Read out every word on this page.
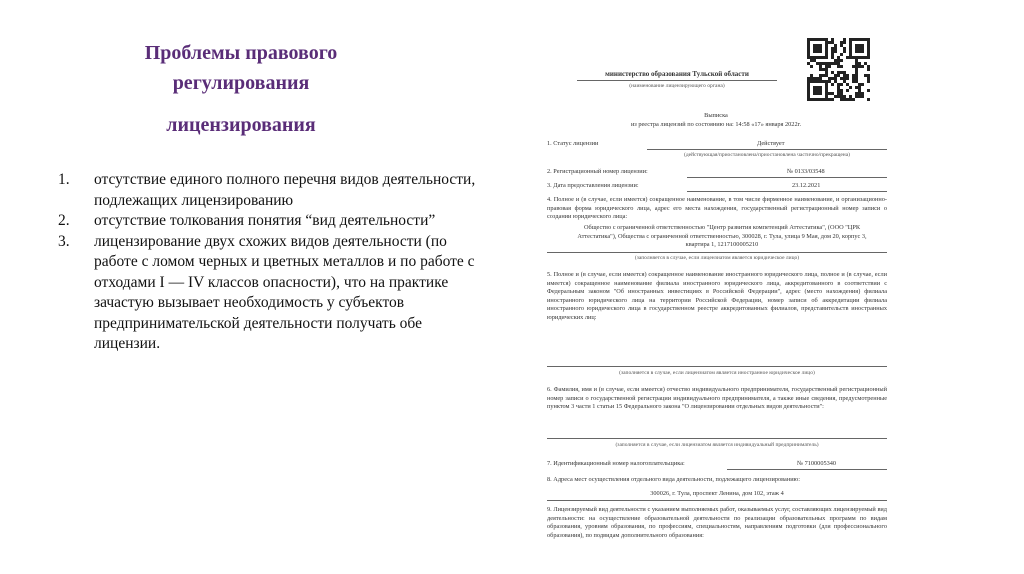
Проблемы правового
регулирования
лицензирования
1. отсутствие единого полного перечня видов деятельности, подлежащих лицензированию
2. отсутствие толкования понятия “вид деятельности”
3. лицензирование двух схожих видов деятельности (по работе с ломом черных и цветных металлов и по работе с отходами I — IV классов опасности), что на практике зачастую вызывает необходимость у субъектов предпринимательской деятельности получать обе лицензии.
министерство образования Тульской области
(наименование лицензирующего органа)
Выписка
из реестра лицензий по состоянию на: 14:58 «17» января 2022г.
1. Статус лицензии	Действует
(действующая/приостановлена/приостановлена частично/прекращена)
2. Регистрационный номер лицензии:	№ 0133/03548
3. Дата предоставления лицензии:	23.12.2021
4. Полное и (в случае, если имеется) сокращенное наименование, в том числе фирменное наименование, и организационно-правовая форма юридического лица, адрес его места нахождения, государственный регистрационный номер записи о создании юридического лица:
Общество с ограниченной ответственностью "Центр развития компетенций Аттестатика", (ООО "ЦРК Аттестатика"), Общества с ограниченной ответственностью, 300028, г. Тула, улица 9 Мая, дом 20, корпус 3, квартира 1, 1217100005210
(заполняется в случае, если лицензиатом является юридическое лицо)
5. Полное и (в случае, если имеется) сокращенное наименование иностранного юридического лица, полное и (в случае, если имеется) сокращенное наименование филиала иностранного юридического лица, аккредитованного в соответствии с Федеральным законом "Об иностранных инвестициях в Российской Федерации", адрес (место нахождения) филиала иностранного юридического лица на территории Российской Федерации, номер записи об аккредитации филиала иностранного юридического лица в государственном реестре аккредитованных филиалов, представительств иностранных юридических лиц:
(заполняется в случае, если лицензиатом является иностранное юридическое лицо)
6. Фамилия, имя и (в случае, если имеется) отчество индивидуального предпринимателя, государственный регистрационный номер записи о государственной регистрации индивидуального предпринимателя, а также иные сведения, предусмотренные пунктом 3 части 1 статьи 15 Федерального закона "О лицензировании отдельных видов деятельности":
(заполняется в случае, если лицензиатом является индивидуальный предприниматель)
7. Идентификационный номер налогоплательщика:	№ 7100005340
8. Адреса мест осуществления отдельного вида деятельности, подлежащего лицензированию:
300026, г. Тула, проспект Ленина, дом 102, этаж 4
9. Лицензируемый вид деятельности с указанием выполняемых работ, оказываемых услуг, составляющих лицензируемый вид деятельности: на осуществление образовательной деятельности по реализации образовательных программ по видам образования, уровням образования, по профессиям, специальностям, направлениям подготовки (для профессионального образования), по подвидам дополнительного образования:
